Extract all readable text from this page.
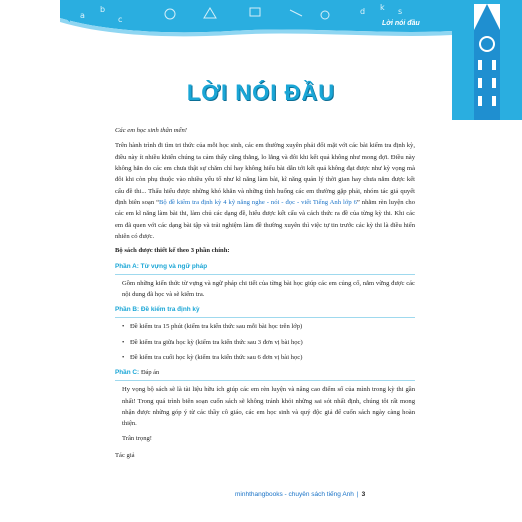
a
b
c
d k s
Lời nói đầu
LỜI NÓI ĐẦU

Các em học sinh thân mến!

Trên hành trình đi tìm tri thức của mỗi học sinh, các em thường xuyên phải đối mặt với các bài kiểm tra định kỳ, điều này ít nhiều khiến chúng ta cảm thấy căng thẳng, lo lắng và đôi khi kết quả không như mong đợi. Điều này không hẳn do các em chưa thật sự chăm chỉ hay không hiểu bài dẫn tới kết quả không đạt được như kỳ vọng mà đôi khi còn phụ thuộc vào nhiều yếu tố như kĩ năng làm bài, kĩ năng quản lý thời gian hay chưa nắm được kết cấu đề thi... Thấu hiểu được những khó khăn và những tình huống các em thường gặp phải, nhóm tác giả quyết định biên soạn “Bộ đề kiểm tra định kỳ 4 kỹ năng nghe - nói - đọc - viết Tiếng Anh lớp 6” nhằm rèn luyện cho các em kĩ năng làm bài thi, làm chủ các dạng đề, hiểu được kết cấu và cách thức ra đề của từng kỳ thi. Khi các em đã quen với các dạng bài tập và trải nghiệm làm đề thường xuyên thì việc tự tin trước các kỳ thi là điều hiển nhiên có được.

Bộ sách được thiết kế theo 3 phần chính:

Phần A: Từ vựng và ngữ pháp

Gồm những kiến thức từ vựng và ngữ pháp chi tiết của từng bài học giúp các em củng cố, nắm vững được các nội dung đã học và sẽ kiểm tra.

Phần B: Đề kiểm tra định kỳ
• Đề kiểm tra 15 phút (kiểm tra kiến thức sau mỗi bài học trên lớp)
• Đề kiểm tra giữa học kỳ (kiểm tra kiến thức sau 3 đơn vị bài học)
• Đề kiểm tra cuối học kỳ (kiểm tra kiến thức sau 6 đơn vị bài học)
Phần C: Đáp án

Hy vọng bộ sách sẽ là tài liệu hữu ích giúp các em rèn luyện và nâng cao điểm số của mình trong kỳ thi gần nhất! Trong quá trình biên soạn cuốn sách sẽ không tránh khỏi những sai sót nhất định, chúng tôi rất mong nhận được những góp ý từ các thầy cô giáo, các em học sinh và quý độc giả để cuốn sách ngày càng hoàn thiện.

Trân trọng!

Tác giả

minhthangbooks - chuyên sách tiếng Anh | 3
